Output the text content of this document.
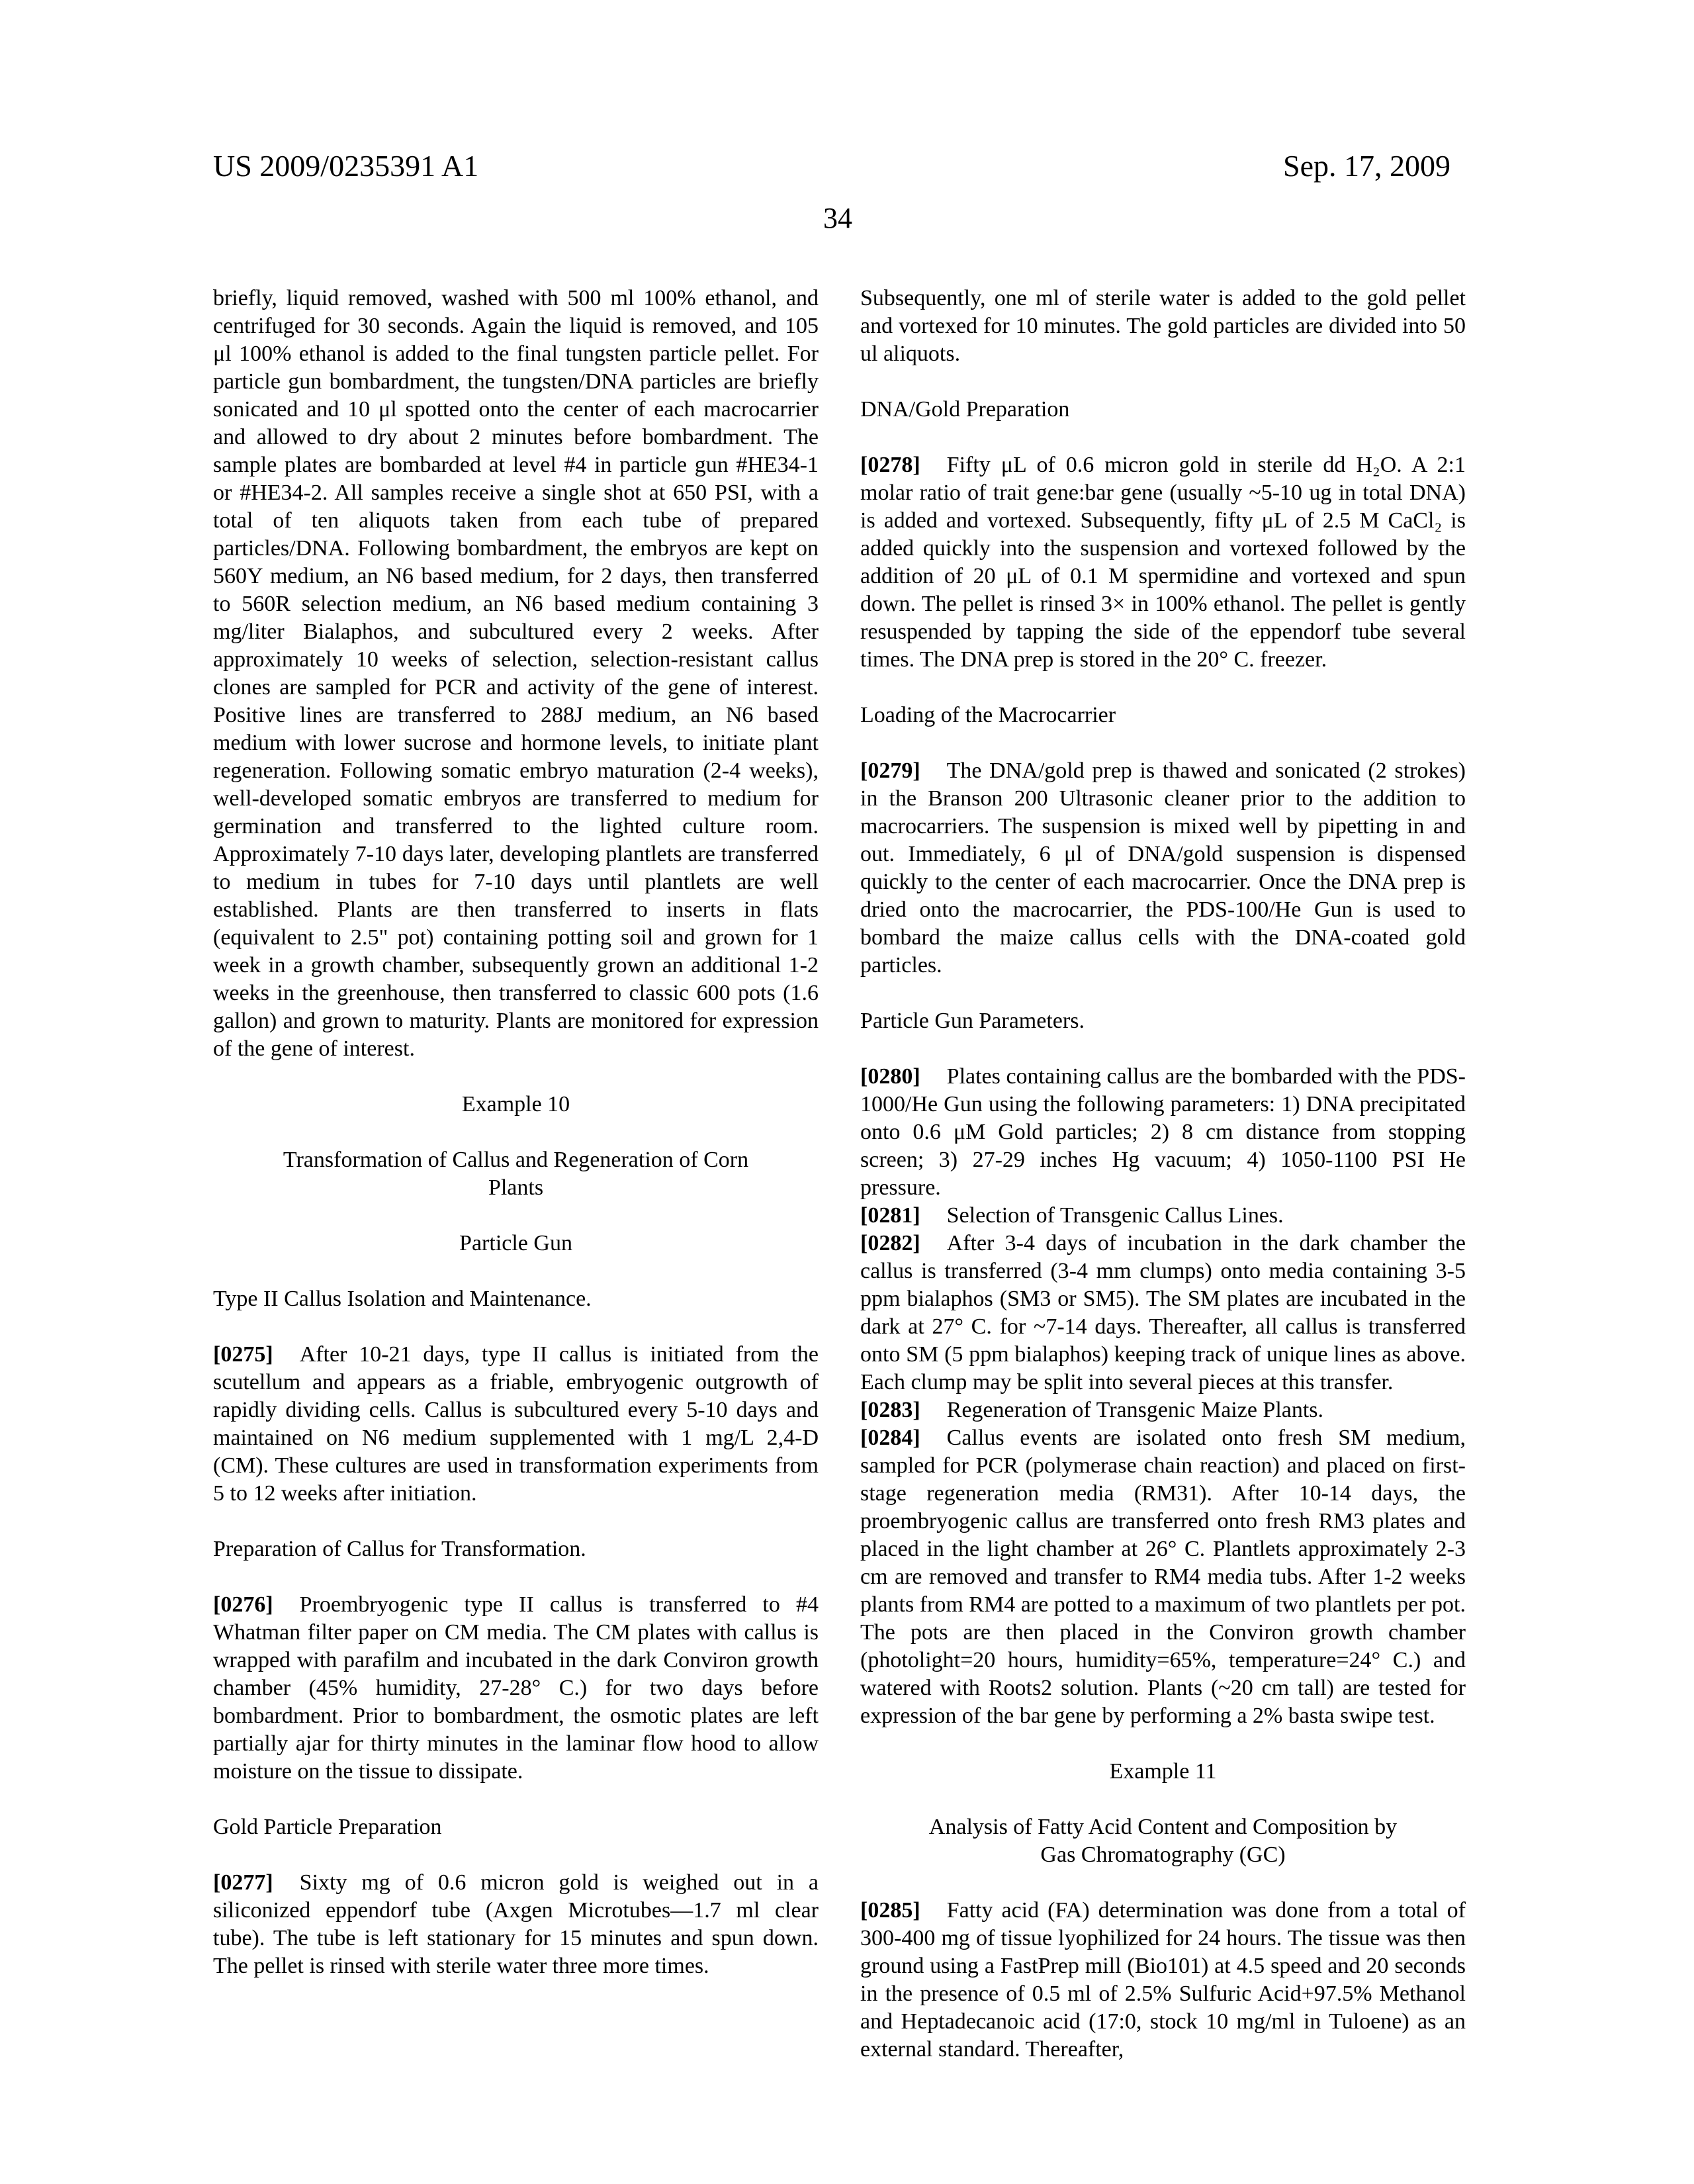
US 2009/0235391 A1	Sep. 17, 2009
34

briefly, liquid removed, washed with 500 ml 100% ethanol, and centrifuged for 30 seconds. Again the liquid is removed, and 105 μl 100% ethanol is added to the final tungsten particle pellet. For particle gun bombardment, the tungsten/DNA particles are briefly sonicated and 10 μl spotted onto the center of each macrocarrier and allowed to dry about 2 minutes before bombardment. The sample plates are bombarded at level #4 in particle gun #HE34-1 or #HE34-2. All samples receive a single shot at 650 PSI, with a total of ten aliquots taken from each tube of prepared particles/DNA. Following bombardment, the embryos are kept on 560Y medium, an N6 based medium, for 2 days, then transferred to 560R selection medium, an N6 based medium containing 3 mg/liter Bialaphos, and subcultured every 2 weeks. After approximately 10 weeks of selection, selection-resistant callus clones are sampled for PCR and activity of the gene of interest. Positive lines are transferred to 288J medium, an N6 based medium with lower sucrose and hormone levels, to initiate plant regeneration. Following somatic embryo maturation (2-4 weeks), well-developed somatic embryos are transferred to medium for germination and transferred to the lighted culture room. Approximately 7-10 days later, developing plantlets are transferred to medium in tubes for 7-10 days until plantlets are well established. Plants are then transferred to inserts in flats (equivalent to 2.5" pot) containing potting soil and grown for 1 week in a growth chamber, subsequently grown an additional 1-2 weeks in the greenhouse, then transferred to classic 600 pots (1.6 gallon) and grown to maturity. Plants are monitored for expression of the gene of interest.

Example 10
Transformation of Callus and Regeneration of Corn
Plants
Particle Gun
Type II Callus Isolation and Maintenance.

[0275] After 10-21 days, type II callus is initiated from the scutellum and appears as a friable, embryogenic outgrowth of rapidly dividing cells. Callus is subcultured every 5-10 days and maintained on N6 medium supplemented with 1 mg/L 2,4-D (CM). These cultures are used in transformation experiments from 5 to 12 weeks after initiation.

Preparation of Callus for Transformation.

[0276] Proembryogenic type II callus is transferred to #4 Whatman filter paper on CM media. The CM plates with callus is wrapped with parafilm and incubated in the dark Conviron growth chamber (45% humidity, 27-28° C.) for two days before bombardment. Prior to bombardment, the osmotic plates are left partially ajar for thirty minutes in the laminar flow hood to allow moisture on the tissue to dissipate.

Gold Particle Preparation

[0277] Sixty mg of 0.6 micron gold is weighed out in a siliconized eppendorf tube (Axgen Microtubes—1.7 ml clear tube). The tube is left stationary for 15 minutes and spun down. The pellet is rinsed with sterile water three more times.

Subsequently, one ml of sterile water is added to the gold pellet and vortexed for 10 minutes. The gold particles are divided into 50 ul aliquots.

DNA/Gold Preparation

[0278] Fifty μL of 0.6 micron gold in sterile dd H₂O. A 2:1 molar ratio of trait gene:bar gene (usually ~5-10 ug in total DNA) is added and vortexed. Subsequently, fifty μL of 2.5 M CaCl₂ is added quickly into the suspension and vortexed followed by the addition of 20 μL of 0.1 M spermidine and vortexed and spun down. The pellet is rinsed 3× in 100% ethanol. The pellet is gently resuspended by tapping the side of the eppendorf tube several times. The DNA prep is stored in the 20° C. freezer.

Loading of the Macrocarrier

[0279] The DNA/gold prep is thawed and sonicated (2 strokes) in the Branson 200 Ultrasonic cleaner prior to the addition to macrocarriers. The suspension is mixed well by pipetting in and out. Immediately, 6 μl of DNA/gold suspension is dispensed quickly to the center of each macrocarrier. Once the DNA prep is dried onto the macrocarrier, the PDS-100/He Gun is used to bombard the maize callus cells with the DNA-coated gold particles.

Particle Gun Parameters.

[0280] Plates containing callus are the bombarded with the PDS-1000/He Gun using the following parameters: 1) DNA precipitated onto 0.6 μM Gold particles; 2) 8 cm distance from stopping screen; 3) 27-29 inches Hg vacuum; 4) 1050-1100 PSI He pressure.

[0281] Selection of Transgenic Callus Lines.

[0282] After 3-4 days of incubation in the dark chamber the callus is transferred (3-4 mm clumps) onto media containing 3-5 ppm bialaphos (SM3 or SM5). The SM plates are incubated in the dark at 27° C. for ~7-14 days. Thereafter, all callus is transferred onto SM (5 ppm bialaphos) keeping track of unique lines as above. Each clump may be split into several pieces at this transfer.

[0283] Regeneration of Transgenic Maize Plants.

[0284] Callus events are isolated onto fresh SM medium, sampled for PCR (polymerase chain reaction) and placed on first-stage regeneration media (RM31). After 10-14 days, the proembryogenic callus are transferred onto fresh RM3 plates and placed in the light chamber at 26° C. Plantlets approximately 2-3 cm are removed and transfer to RM4 media tubs. After 1-2 weeks plants from RM4 are potted to a maximum of two plantlets per pot. The pots are then placed in the Conviron growth chamber (photolight=20 hours, humidity=65%, temperature=24° C.) and watered with Roots2 solution. Plants (~20 cm tall) are tested for expression of the bar gene by performing a 2% basta swipe test.

Example 11
Analysis of Fatty Acid Content and Composition by
Gas Chromatography (GC)

[0285] Fatty acid (FA) determination was done from a total of 300-400 mg of tissue lyophilized for 24 hours. The tissue was then ground using a FastPrep mill (Bio101) at 4.5 speed and 20 seconds in the presence of 0.5 ml of 2.5% Sulfuric Acid+97.5% Methanol and Heptadecanoic acid (17:0, stock 10 mg/ml in Tuloene) as an external standard. Thereafter,
